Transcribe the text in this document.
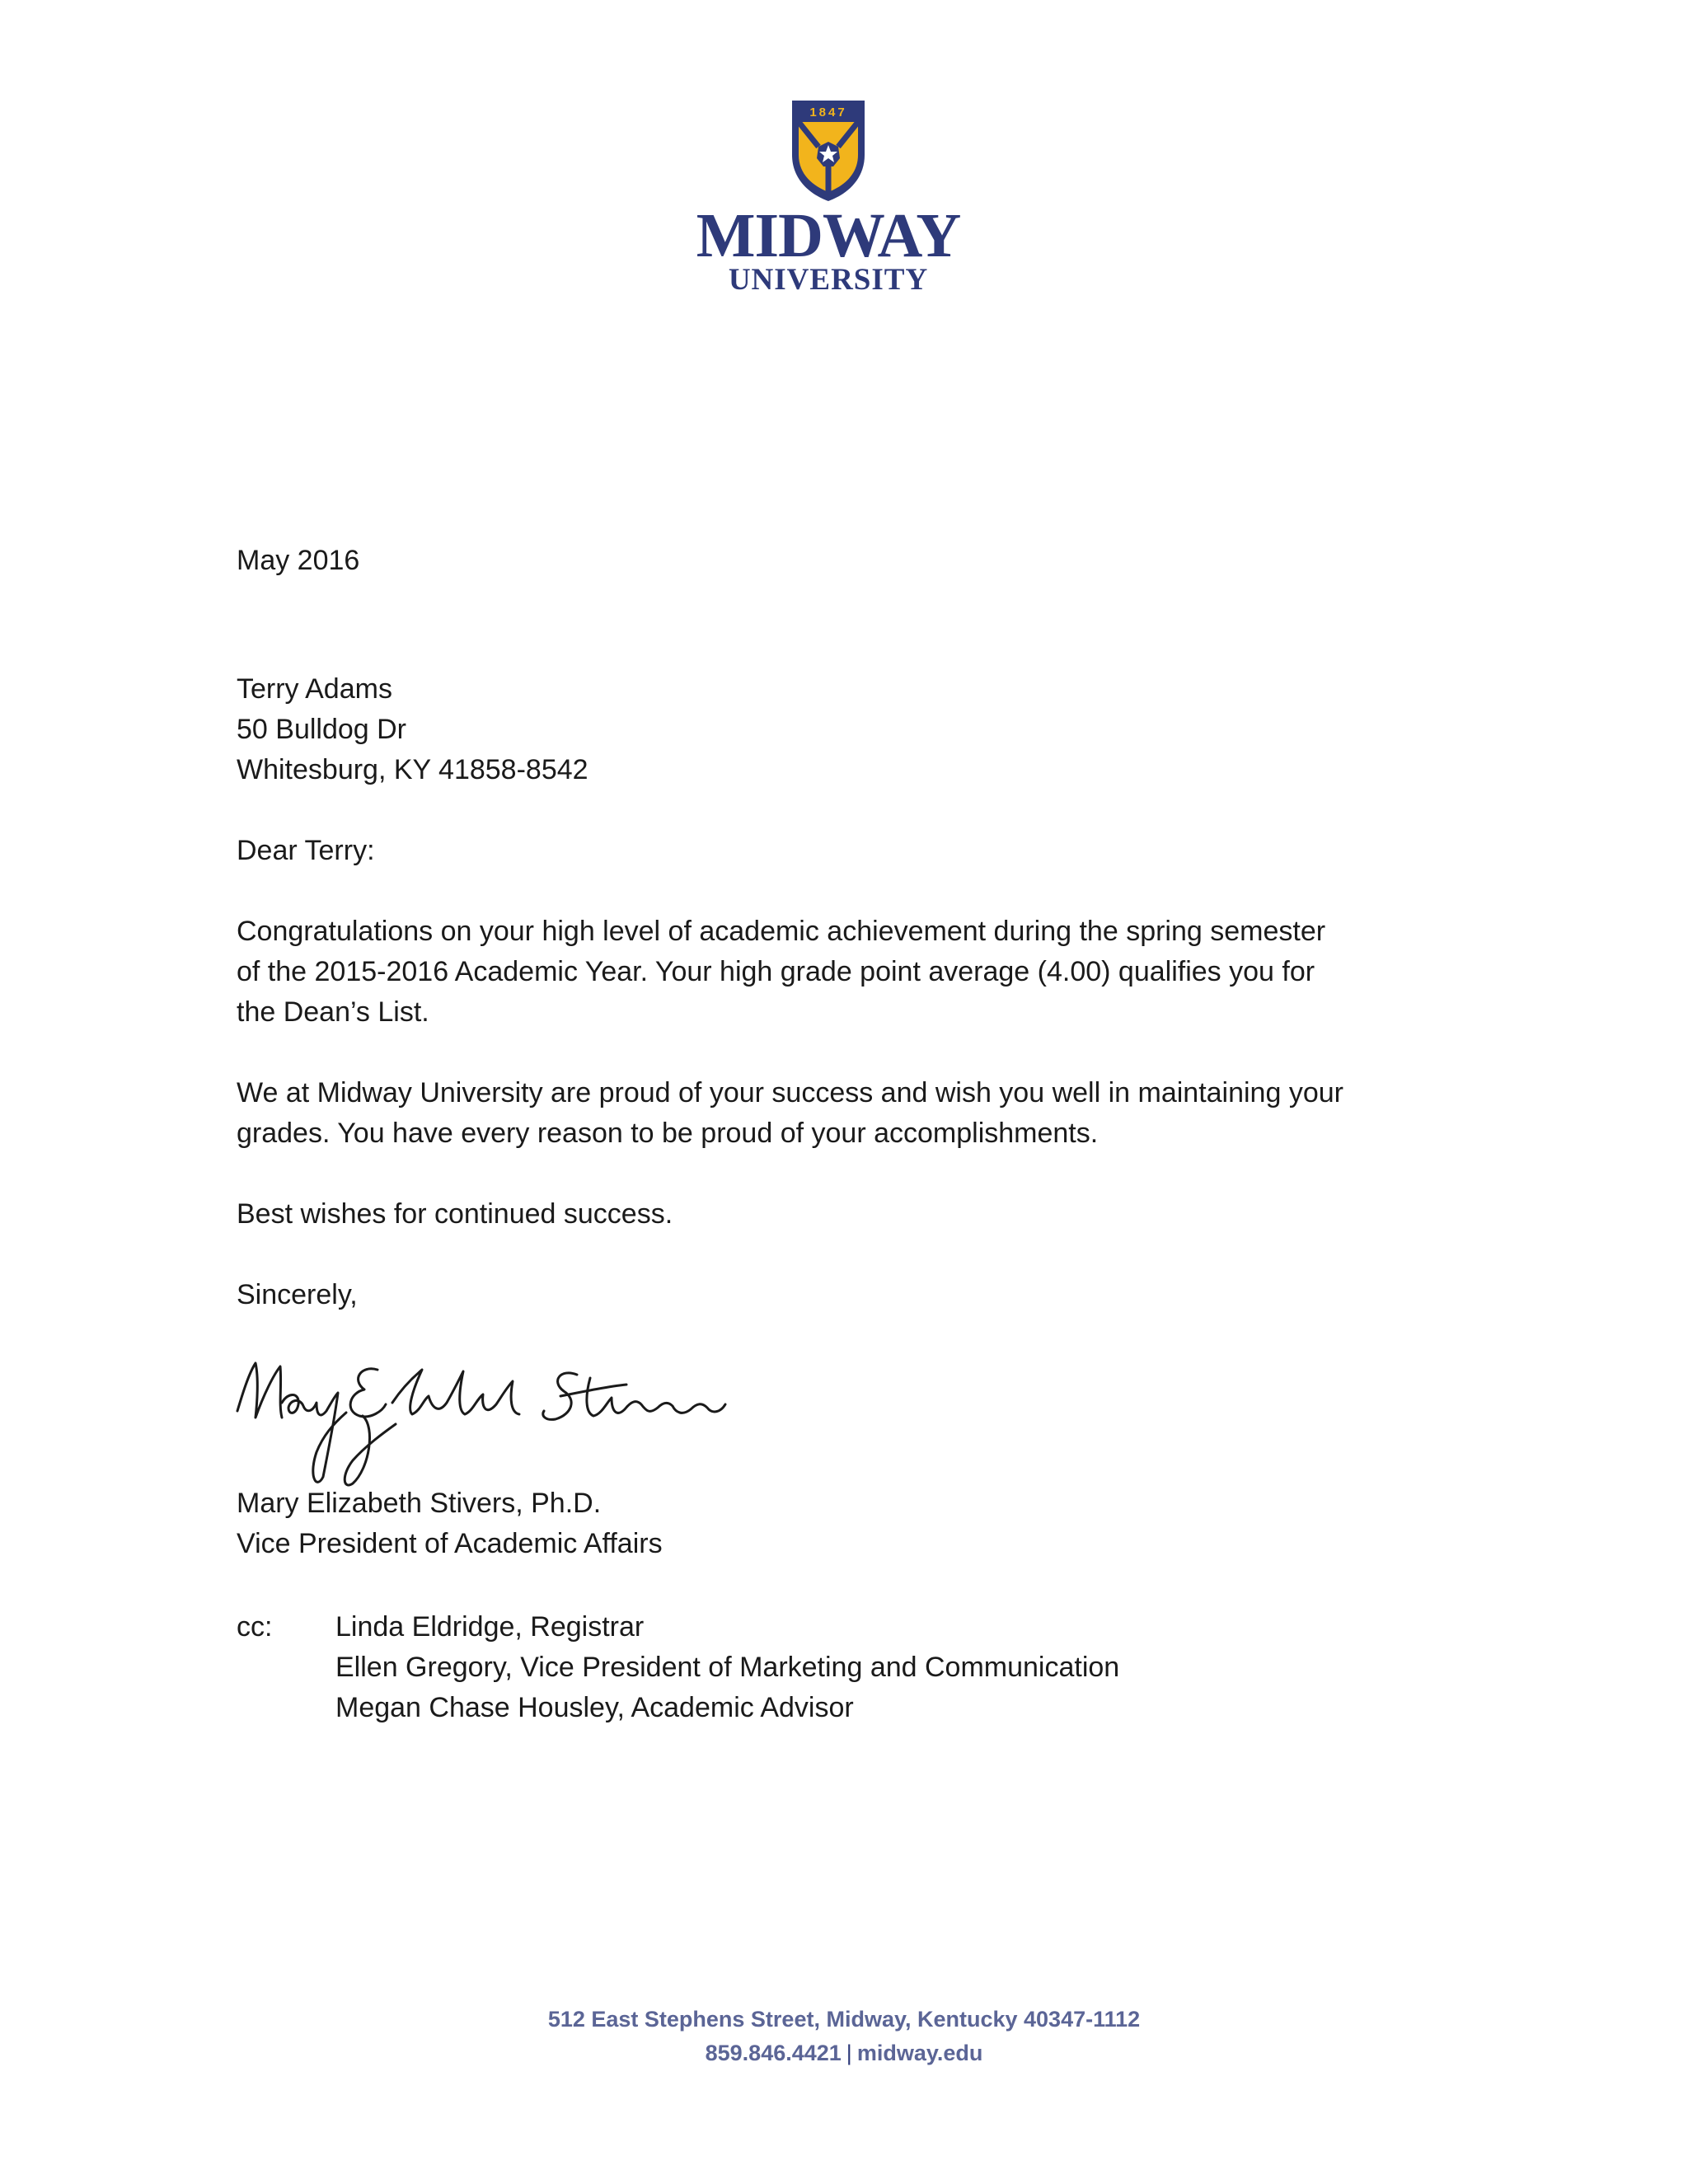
1847
MIDWAY
UNIVERSITY
May 2016
Terry Adams
50 Bulldog Dr
Whitesburg, KY 41858-8542
Dear Terry:
Congratulations on your high level of academic achievement during the spring semester
of the 2015-2016 Academic Year. Your high grade point average (4.00) qualifies you for
the Dean’s List.
We at Midway University are proud of your success and wish you well in maintaining your
grades. You have every reason to be proud of your accomplishments.
Best wishes for continued success.
Sincerely,
Mary Elizabeth Stivers, Ph.D.
Vice President of Academic Affairs
cc: Linda Eldridge, Registrar
Ellen Gregory, Vice President of Marketing and Communication
Megan Chase Housley, Academic Advisor
512 East Stephens Street, Midway, Kentucky 40347-1112
859.846.4421 | midway.edu
